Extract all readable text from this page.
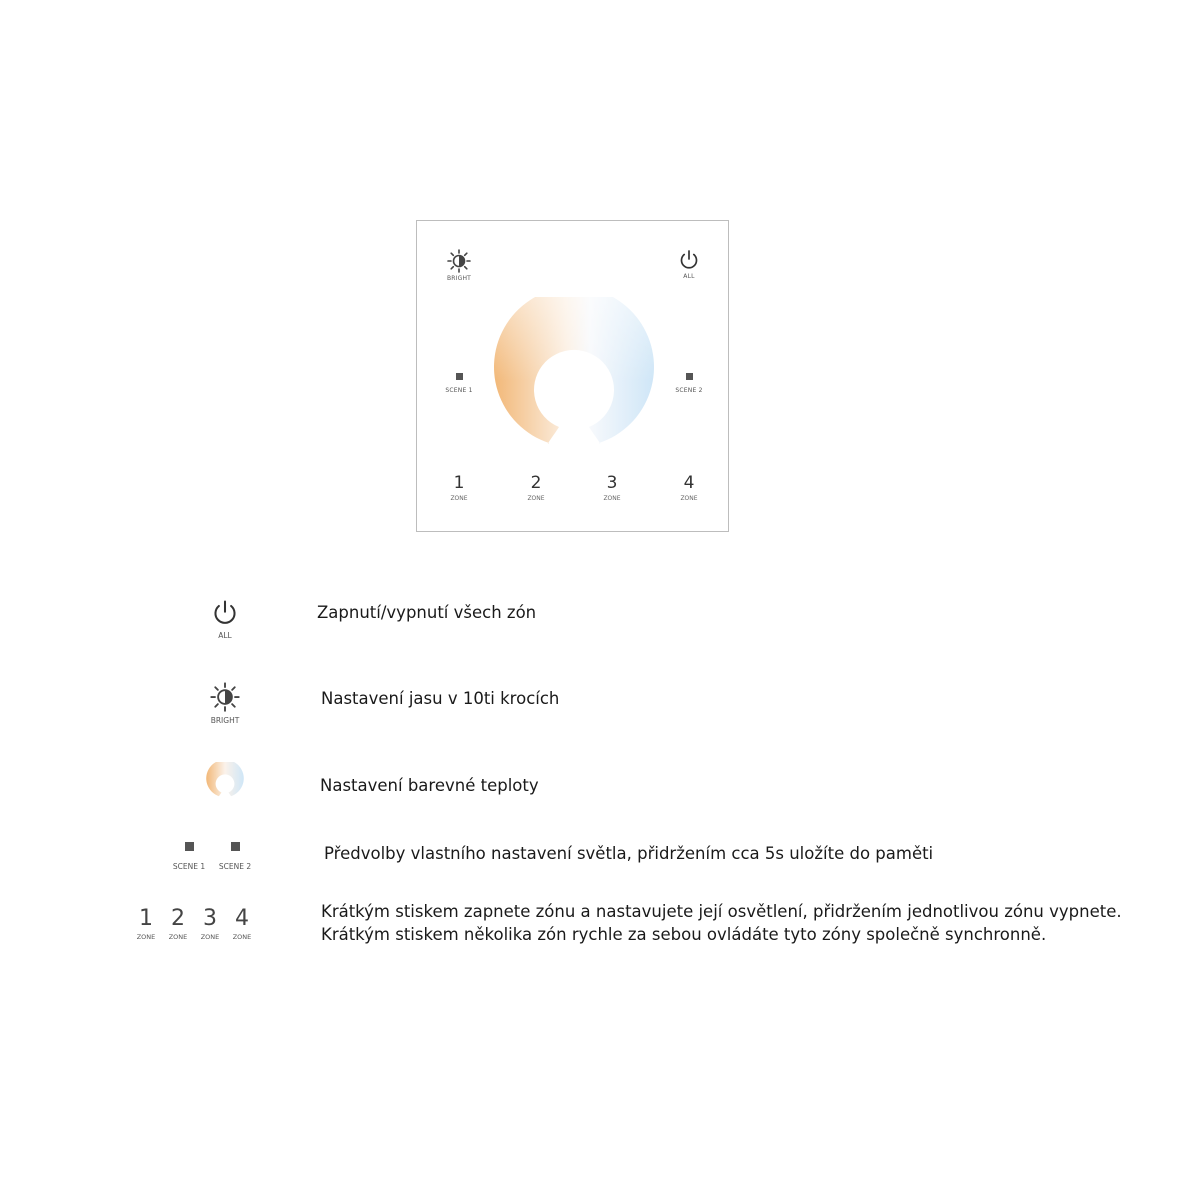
BRIGHT	ALL
SCENE 1	SCENE 2
1
ZONE
2
ZONE
3
ZONE
4
ZONE
ALL
Zapnutí/vypnutí všech zón
BRIGHT
Nastavení jasu v 10ti krocích
Nastavení barevné teploty
SCENE 1	SCENE 2
Předvolby vlastního nastavení světla, přidržením cca 5s uložíte do paměti
1
ZONE
2
ZONE
3
ZONE
4
ZONE
Krátkým stiskem zapnete zónu a nastavujete její osvětlení, přidržením jednotlivou zónu vypnete.
Krátkým stiskem několika zón rychle za sebou ovládáte tyto zóny společně synchronně.
